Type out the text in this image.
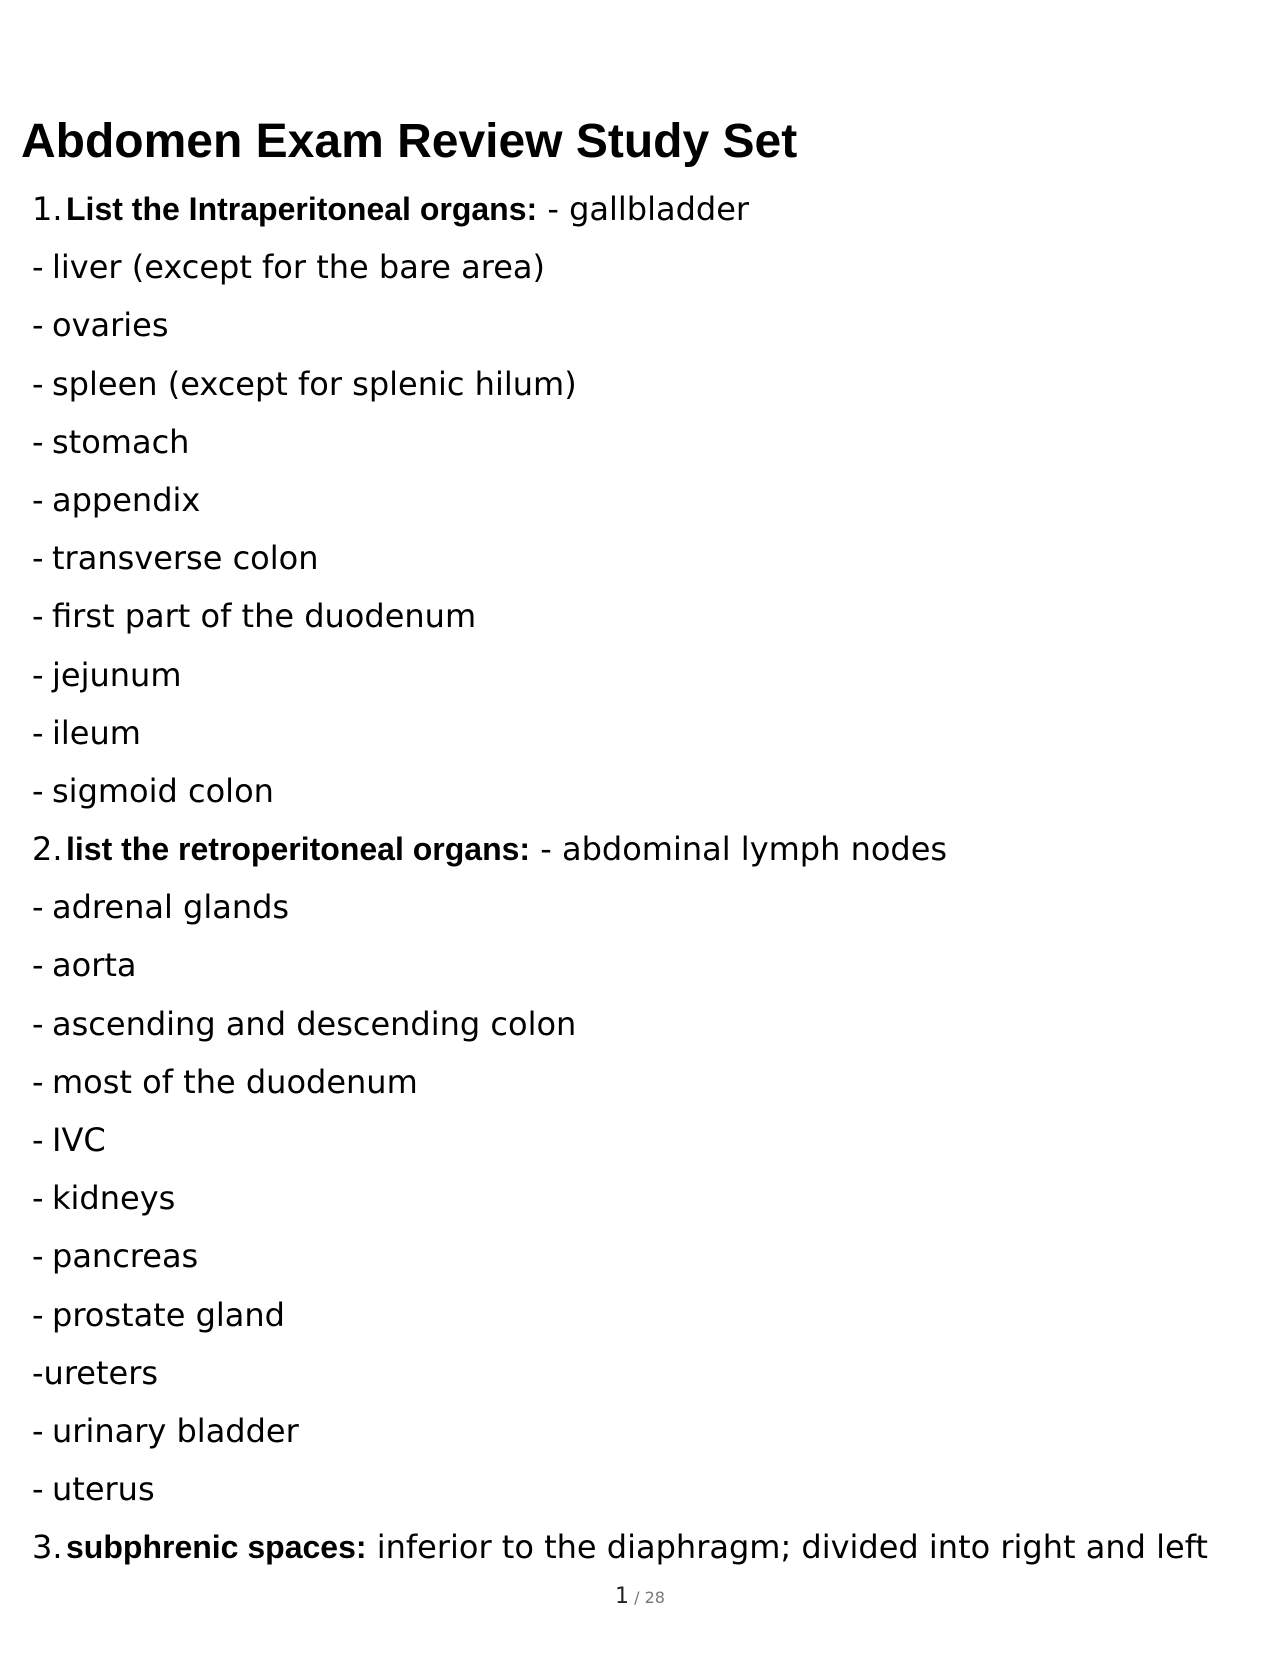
Abdomen Exam Review Study Set
1. List the Intraperitoneal organs: - gallbladder
- liver (except for the bare area)
- ovaries
- spleen (except for splenic hilum)
- stomach
- appendix
- transverse colon
- first part of the duodenum
- jejunum
- ileum
- sigmoid colon
2. list the retroperitoneal organs: - abdominal lymph nodes
- adrenal glands
- aorta
- ascending and descending colon
- most of the duodenum
- IVC
- kidneys
- pancreas
- prostate gland
-ureters
- urinary bladder
- uterus
3. subphrenic spaces: inferior to the diaphragm; divided into right and left
1 / 28
